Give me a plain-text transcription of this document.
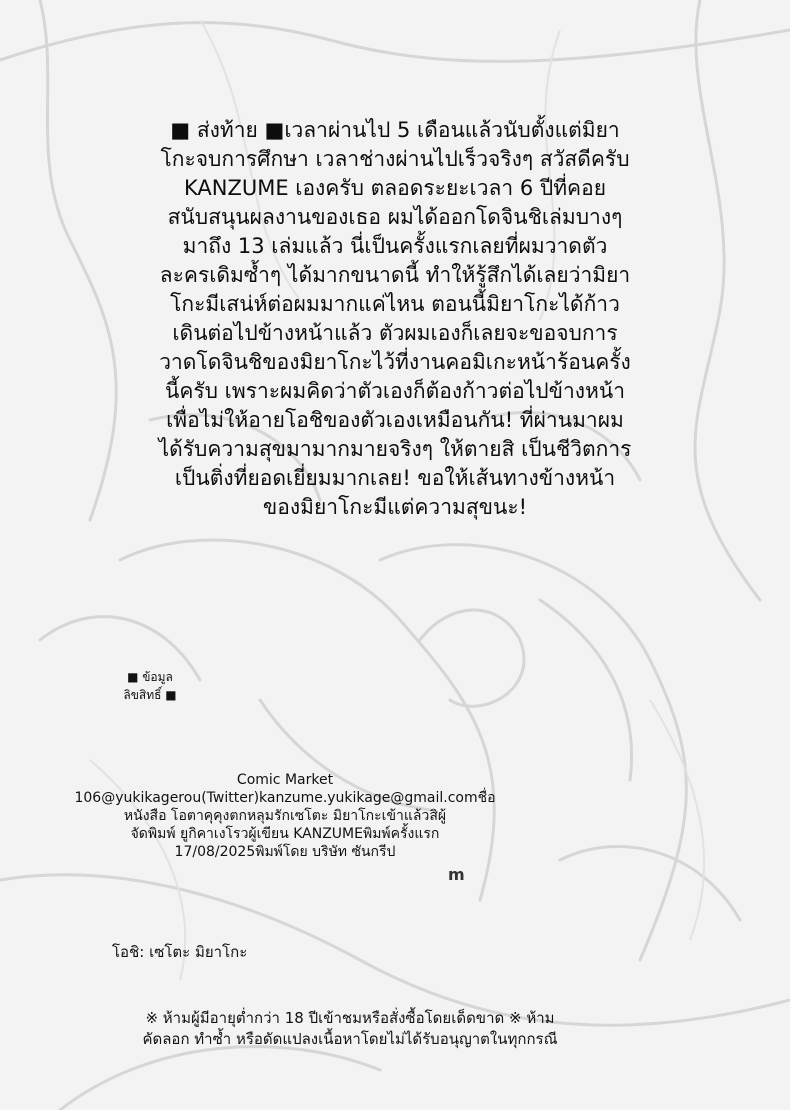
■ ส่งท้าย ■เวลาผ่านไป 5 เดือนแล้วนับตั้งแต่มิยา
โกะจบการศึกษา เวลาช่างผ่านไปเร็วจริงๆ สวัสดีครับ
KANZUME เองครับ ตลอดระยะเวลา 6 ปีที่คอย
สนับสนุนผลงานของเธอ ผมได้ออกโดจินชิเล่มบางๆ
มาถึง 13 เล่มแล้ว นี่เป็นครั้งแรกเลยที่ผมวาดตัว
ละครเดิมซ้ำๆ ได้มากขนาดนี้ ทำให้รู้สึกได้เลยว่ามิยา
โกะมีเสน่ห์ต่อผมมากแค่ไหน ตอนนี้มิยาโกะได้ก้าว
เดินต่อไปข้างหน้าแล้ว ตัวผมเองก็เลยจะขอจบการ
วาดโดจินชิของมิยาโกะไว้ที่งานคอมิเกะหน้าร้อนครั้ง
นี้ครับ เพราะผมคิดว่าตัวเองก็ต้องก้าวต่อไปข้างหน้า
เพื่อไม่ให้อายโอชิของตัวเองเหมือนกัน! ที่ผ่านมาผม
ได้รับความสุขมามากมายจริงๆ ให้ตายสิ เป็นชีวิตการ
เป็นติ่งที่ยอดเยี่ยมมากเลย! ขอให้เส้นทางข้างหน้า
ของมิยาโกะมีแต่ความสุขนะ!
■ ข้อมูล
ลิขสิทธิ์ ■
Comic Market
106@yukikagerou(Twitter)kanzume.yukikage@gmail.comชื่อ
หนังสือ โอตาคุคุงตกหลุมรักเซโตะ มิยาโกะเข้าแล้วสิผู้
จัดพิมพ์ ยูกิคาเงโรวผู้เขียน KANZUMEพิมพ์ครั้งแรก
17/08/2025พิมพ์โดย บริษัท ซันกรีป
m
โอชิ: เซโตะ มิยาโกะ
※ ห้ามผู้มีอายุต่ำกว่า 18 ปีเข้าชมหรือสั่งซื้อโดยเด็ดขาด ※ ห้าม
คัดลอก ทำซ้ำ หรือดัดแปลงเนื้อหาโดยไม่ได้รับอนุญาตในทุกกรณี
